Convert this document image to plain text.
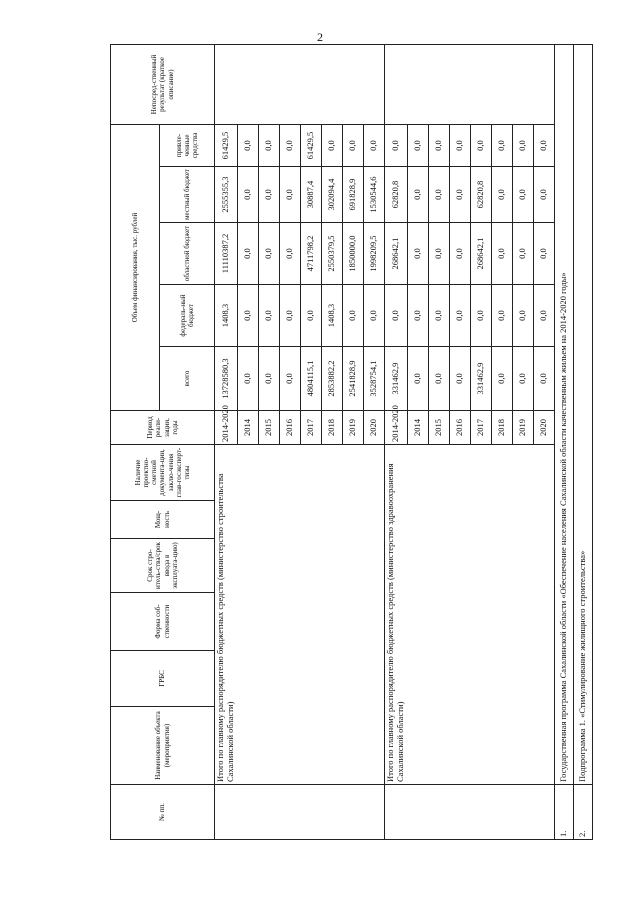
2
№ пп.	Наименование объекта (мероприятия)	ГРБС	Форма соб-ственности	Срок стро-итель-ства/срок ввода в эксплуата-цию)	Мощ-ность	Наличие проектно-сметной документа-ции, заклю-чения глав-госэксперт-тизы	Период реали-зации, годы	Объем финансирования, тыс. рублей					Непосред-ственный результат (краткое описание)
								всего	федераль-ный бюджет	областной бюджет	местный бюджет	привле-ченные средства	
	Итого по главному распорядителю бюджетных средств (министерство строительства Сахалинской области)						2014-2020	13728580,3	1408,3	11110387,2	2555355,3	61429,5	
							2014	0,0	0,0	0,0	0,0	0,0	
							2015	0,0	0,0	0,0	0,0	0,0	
							2016	0,0	0,0	0,0	0,0	0,0	
							2017	4804115,1	0,0	4711798,2	30887,4	61429,5	
							2018	2853882,2	1408,3	2550379,5	302094,4	0,0	
							2019	2541828,9	0,0	1850000,0	691828,9	0,0	
							2020	3528754,1	0,0	1998209,5	1530544,6	0,0	
	Итого по главному распорядителю бюджетных средств (министерство здравоохранения Сахалинской области)						2014-2020	331462,9	0,0	268642,1	62820,8	0,0	
							2014	0,0	0,0	0,0	0,0	0,0	
							2015	0,0	0,0	0,0	0,0	0,0	
							2016	0,0	0,0	0,0	0,0	0,0	
							2017	331462,9	0,0	268642,1	62820,8	0,0	
							2018	0,0	0,0	0,0	0,0	0,0	
							2019	0,0	0,0	0,0	0,0	0,0	
							2020	0,0	0,0	0,0	0,0	0,0	
1.	Государственная программа Сахалинской области «Обеспечение населения Сахалинской области качественным жильем на 2014-2020 годы»												
2.	Подпрограмма 1. «Стимулирование жилищного строительства»												
